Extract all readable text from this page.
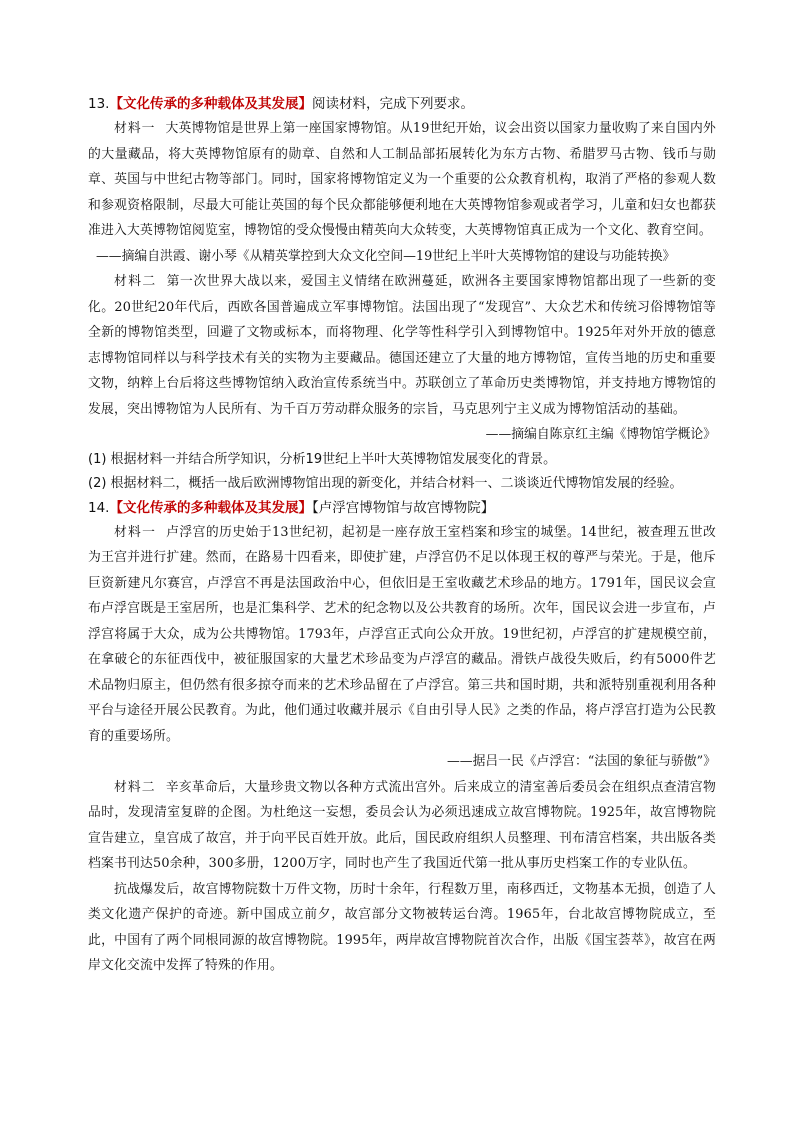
13.【文化传承的多种载体及其发展】阅读材料，完成下列要求。

材料一 大英博物馆是世界上第一座国家博物馆。从19世纪开始，议会出资以国家力量收购了来自国内外的大量藏品，将大英博物馆原有的勋章、自然和人工制品部拓展转化为东方古物、希腊罗马古物、钱币与勋章、英国与中世纪古物等部门。同时，国家将博物馆定义为一个重要的公众教育机构，取消了严格的参观人数和参观资格限制，尽最大可能让英国的每个民众都能够便利地在大英博物馆参观或者学习，儿童和妇女也都获准进入大英博物馆阅览室，博物馆的受众慢慢由精英向大众转变，大英博物馆真正成为一个文化、教育空间。

——摘编自洪霞、谢小琴《从精英掌控到大众文化空间—19世纪上半叶大英博物馆的建设与功能转换》

材料二 第一次世界大战以来，爱国主义情绪在欧洲蔓延，欧洲各主要国家博物馆都出现了一些新的变化。20世纪20年代后，西欧各国普遍成立军事博物馆。法国出现了“发现宫”、大众艺术和传统习俗博物馆等全新的博物馆类型，回避了文物或标本，而将物理、化学等性科学引入到博物馆中。1925年对外开放的德意志博物馆同样以与科学技术有关的实物为主要藏品。德国还建立了大量的地方博物馆，宣传当地的历史和重要文物，纳粹上台后将这些博物馆纳入政治宣传系统当中。苏联创立了革命历史类博物馆，并支持地方博物馆的发展，突出博物馆为人民所有、为千百万劳动群众服务的宗旨，马克思列宁主义成为博物馆活动的基础。

——摘编自陈京红主编《博物馆学概论》

(1) 根据材料一并结合所学知识，分析19世纪上半叶大英博物馆发展变化的背景。

(2) 根据材料二，概括一战后欧洲博物馆出现的新变化，并结合材料一、二谈谈近代博物馆发展的经验。

14.【文化传承的多种载体及其发展】【卢浮宫博物馆与故宫博物院】

材料一 卢浮宫的历史始于13世纪初，起初是一座存放王室档案和珍宝的城堡。14世纪，被查理五世改为王宫并进行扩建。然而，在路易十四看来，即使扩建，卢浮宫仍不足以体现王权的尊严与荣光。于是，他斥巨资新建凡尔赛宫，卢浮宫不再是法国政治中心，但依旧是王室收藏艺术珍品的地方。1791年，国民议会宣布卢浮宫既是王室居所，也是汇集科学、艺术的纪念物以及公共教育的场所。次年，国民议会进一步宣布，卢浮宫将属于大众，成为公共博物馆。1793年，卢浮宫正式向公众开放。19世纪初，卢浮宫的扩建规模空前，在拿破仑的东征西伐中，被征服国家的大量艺术珍品变为卢浮宫的藏品。滑铁卢战役失败后，约有5000件艺术品物归原主，但仍然有很多掠夺而来的艺术珍品留在了卢浮宫。第三共和国时期，共和派特别重视利用各种平台与途径开展公民教育。为此，他们通过收藏并展示《自由引导人民》之类的作品，将卢浮宫打造为公民教育的重要场所。

——据吕一民《卢浮宫：“法国的象征与骄傲”》

材料二 辛亥革命后，大量珍贵文物以各种方式流出宫外。后来成立的清室善后委员会在组织点查清宫物品时，发现清室复辟的企图。为杜绝这一妄想，委员会认为必须迅速成立故宫博物院。1925年，故宫博物院宣告建立，皇宫成了故宫，并于向平民百姓开放。此后，国民政府组织人员整理、刊布清宫档案，共出版各类档案书刊达50余种，300多册，1200万字，同时也产生了我国近代第一批从事历史档案工作的专业队伍。

抗战爆发后，故宫博物院数十万件文物，历时十余年，行程数万里，南移西迁，文物基本无损，创造了人类文化遗产保护的奇迹。新中国成立前夕，故宫部分文物被转运台湾。1965年，台北故宫博物院成立，至此，中国有了两个同根同源的故宫博物院。1995年，两岸故宫博物院首次合作，出版《国宝荟萃》，故宫在两岸文化交流中发挥了特殊的作用。
